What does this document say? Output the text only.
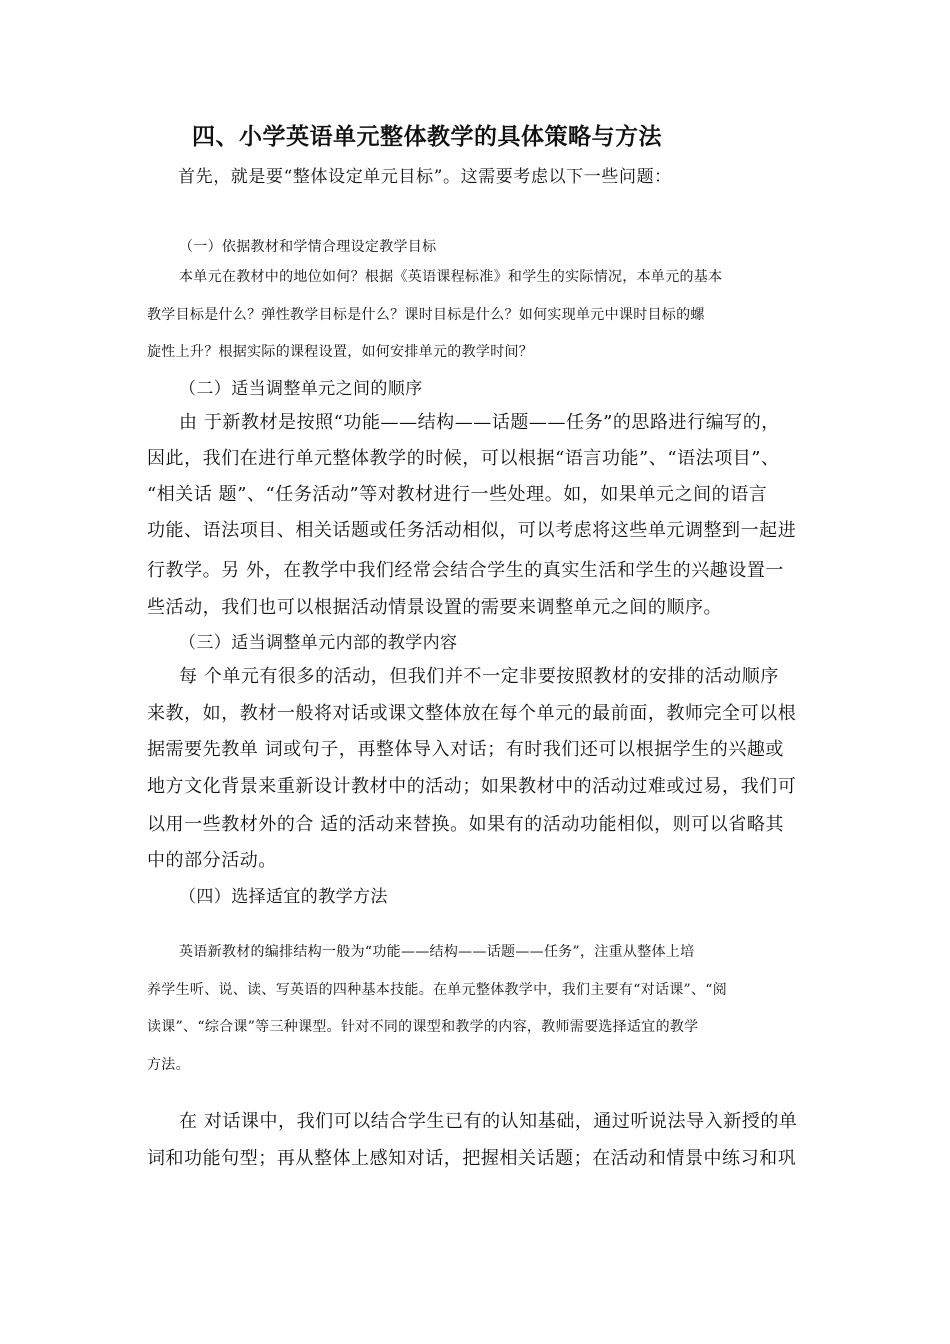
四、小学英语单元整体教学的具体策略与方法

首先，就是要“整体设定单元目标”。这需要考虑以下一些问题：

（一）依据教材和学情合理设定教学目标

本单元在教材中的地位如何？根据《英语课程标准》和学生的实际情况，本单元的基本

教学目标是什么？弹性教学目标是什么？课时目标是什么？如何实现单元中课时目标的螺

旋性上升？根据实际的课程设置，如何安排单元的教学时间？

（二）适当调整单元之间的顺序

由 于新教材是按照“功能——结构——话题——任务”的思路进行编写的，

因此，我们在进行单元整体教学的时候，可以根据“语言功能”、“语法项目”、

“相关话 题”、“任务活动”等对教材进行一些处理。如，如果单元之间的语言

功能、语法项目、相关话题或任务活动相似，可以考虑将这些单元调整到一起进

行教学。另 外，在教学中我们经常会结合学生的真实生活和学生的兴趣设置一

些活动，我们也可以根据活动情景设置的需要来调整单元之间的顺序。

（三）适当调整单元内部的教学内容

每 个单元有很多的活动，但我们并不一定非要按照教材的安排的活动顺序

来教，如，教材一般将对话或课文整体放在每个单元的最前面，教师完全可以根

据需要先教单 词或句子，再整体导入对话；有时我们还可以根据学生的兴趣或

地方文化背景来重新设计教材中的活动；如果教材中的活动过难或过易，我们可

以用一些教材外的合 适的活动来替换。如果有的活动功能相似，则可以省略其

中的部分活动。

（四）选择适宜的教学方法

英语新教材的编排结构一般为“功能——结构——话题——任务”，注重从整体上培

养学生听、说、读、写英语的四种基本技能。在单元整体教学中，我们主要有“对话课”、“阅

读课”、“综合课”等三种课型。针对不同的课型和教学的内容，教师需要选择适宜的教学

方法。

在 对话课中，我们可以结合学生已有的认知基础，通过听说法导入新授的单

词和功能句型；再从整体上感知对话，把握相关话题；在活动和情景中练习和巩
